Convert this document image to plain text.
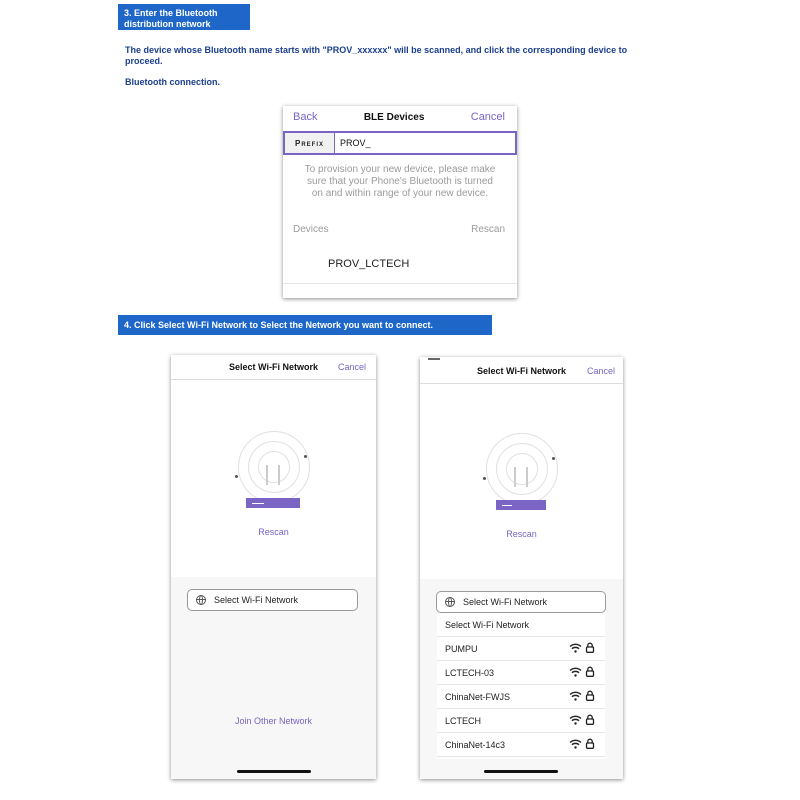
3. Enter the Bluetooth
distribution network
The device whose Bluetooth name starts with "PROV_xxxxxx" will be scanned, and click the corresponding device to
proceed.
Bluetooth connection.
Back	BLE Devices	Cancel
Prefix	PROV_
To provision your new device, please make
sure that your Phone's Bluetooth is turned
on and within range of your new device.
Devices	Rescan
PROV_LCTECH
4. Click Select Wi-Fi Network to Select the Network you want to connect.
Select Wi-Fi Network	Cancel
Rescan
Select Wi-Fi Network
Join Other Network
Select Wi-Fi Network	Cancel
Rescan
Select Wi-Fi Network
Select Wi-Fi Network
PUMPU
LCTECH-03
ChinaNet-FWJS
LCTECH
ChinaNet-14c3
